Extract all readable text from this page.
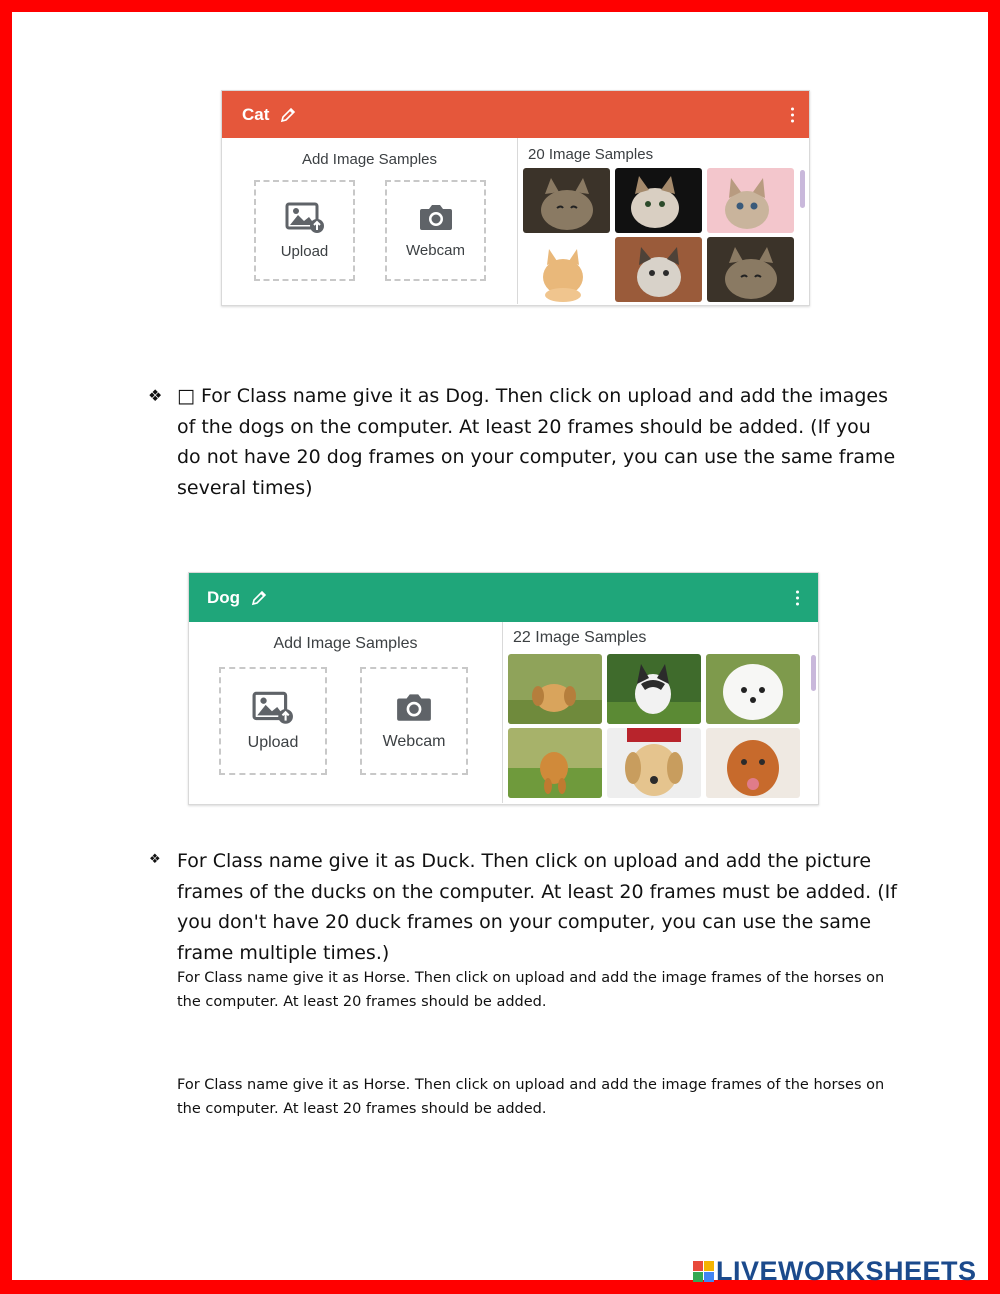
Cat
Add Image Samples
Upload	Webcam
20 Image Samples
❖ □ For Class name give it as Dog. Then click on upload and add the images of the dogs on the computer. At least 20 frames should be added. (If you do not have 20 dog frames on your computer, you can use the same frame several times)
Dog
Add Image Samples
Upload	Webcam
22 Image Samples
❖ For Class name give it as Duck. Then click on upload and add the picture frames of the ducks on the computer. At least 20 frames must be added. (If you don't have 20 duck frames on your computer, you can use the same frame multiple times.)
For Class name give it as Horse. Then click on upload and add the image frames of the horses on the computer. At least 20 frames should be added.
For Class name give it as Horse. Then click on upload and add the image frames of the horses on the computer. At least 20 frames should be added.
LIVEWORKSHEETS
